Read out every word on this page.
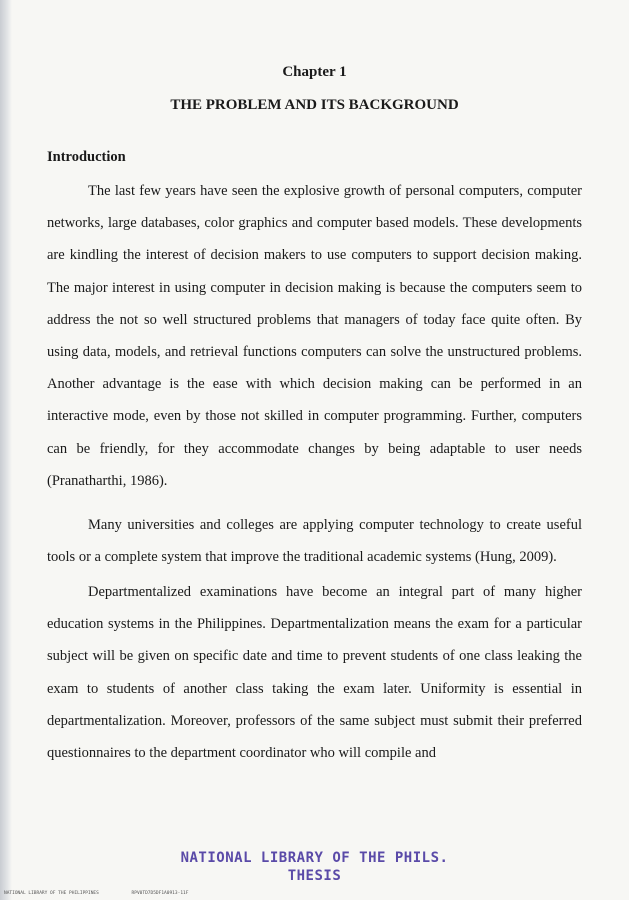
Chapter 1
THE PROBLEM AND ITS BACKGROUND
Introduction

The last few years have seen the explosive growth of personal computers, computer networks, large databases, color graphics and computer based models. These developments are kindling the interest of decision makers to use computers to support decision making. The major interest in using computer in decision making is because the computers seem to address the not so well structured problems that managers of today face quite often. By using data, models, and retrieval functions computers can solve the unstructured problems. Another advantage is the ease with which decision making can be performed in an interactive mode, even by those not skilled in computer programming. Further, computers can be friendly, for they accommodate changes by being adaptable to user needs (Pranatharthi, 1986).

Many universities and colleges are applying computer technology to create useful tools or a complete system that improve the traditional academic systems (Hung, 2009).

Departmentalized examinations have become an integral part of many higher education systems in the Philippines. Departmentalization means the exam for a particular subject will be given on specific date and time to prevent students of one class leaking the exam to students of another class taking the exam later. Uniformity is essential in departmentalization. Moreover, professors of the same subject must submit their preferred questionnaires to the department coordinator who will compile and

NATIONAL LIBRARY OF THE PHILS.
THESIS
NATIONAL LIBRARY OF THE PHILIPPINES	RPV0TD7D5DF1A0913-11F
